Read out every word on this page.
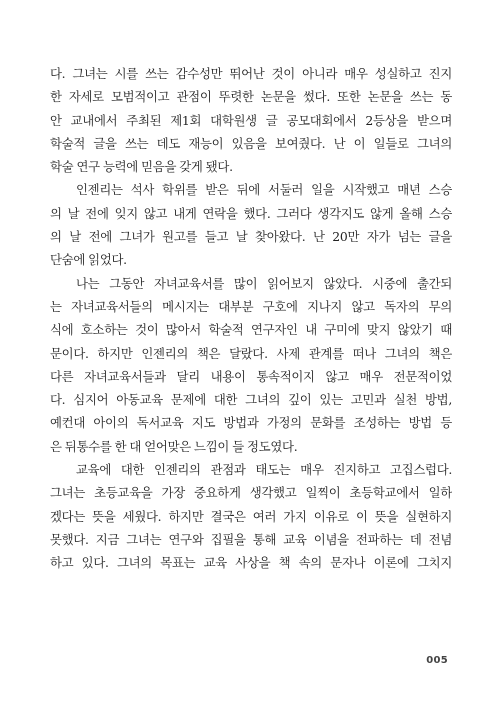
다. 그녀는 시를 쓰는 감수성만 뛰어난 것이 아니라 매우 성실하고 진지
한 자세로 모범적이고 관점이 뚜렷한 논문을 썼다. 또한 논문을 쓰는 동
안 교내에서 주최된 제1회 대학원생 글 공모대회에서 2등상을 받으며
학술적 글을 쓰는 데도 재능이 있음을 보여줬다. 난 이 일들로 그녀의
학술 연구 능력에 믿음을 갖게 됐다.
인젠리는 석사 학위를 받은 뒤에 서둘러 일을 시작했고 매년 스승
의 날 전에 잊지 않고 내게 연락을 했다. 그러다 생각지도 않게 올해 스승
의 날 전에 그녀가 원고를 들고 날 찾아왔다. 난 20만 자가 넘는 글을
단숨에 읽었다.
나는 그동안 자녀교육서를 많이 읽어보지 않았다. 시중에 출간되
는 자녀교육서들의 메시지는 대부분 구호에 지나지 않고 독자의 무의
식에 호소하는 것이 많아서 학술적 연구자인 내 구미에 맞지 않았기 때
문이다. 하지만 인젠리의 책은 달랐다. 사제 관계를 떠나 그녀의 책은
다른 자녀교육서들과 달리 내용이 통속적이지 않고 매우 전문적이었
다. 심지어 아동교육 문제에 대한 그녀의 깊이 있는 고민과 실천 방법,
예컨대 아이의 독서교육 지도 방법과 가정의 문화를 조성하는 방법 등
은 뒤통수를 한 대 얻어맞은 느낌이 들 정도였다.
교육에 대한 인젠리의 관점과 태도는 매우 진지하고 고집스럽다.
그녀는 초등교육을 가장 중요하게 생각했고 일찍이 초등학교에서 일하
겠다는 뜻을 세웠다. 하지만 결국은 여러 가지 이유로 이 뜻을 실현하지
못했다. 지금 그녀는 연구와 집필을 통해 교육 이념을 전파하는 데 전념
하고 있다. 그녀의 목표는 교육 사상을 책 속의 문자나 이론에 그치지
005
